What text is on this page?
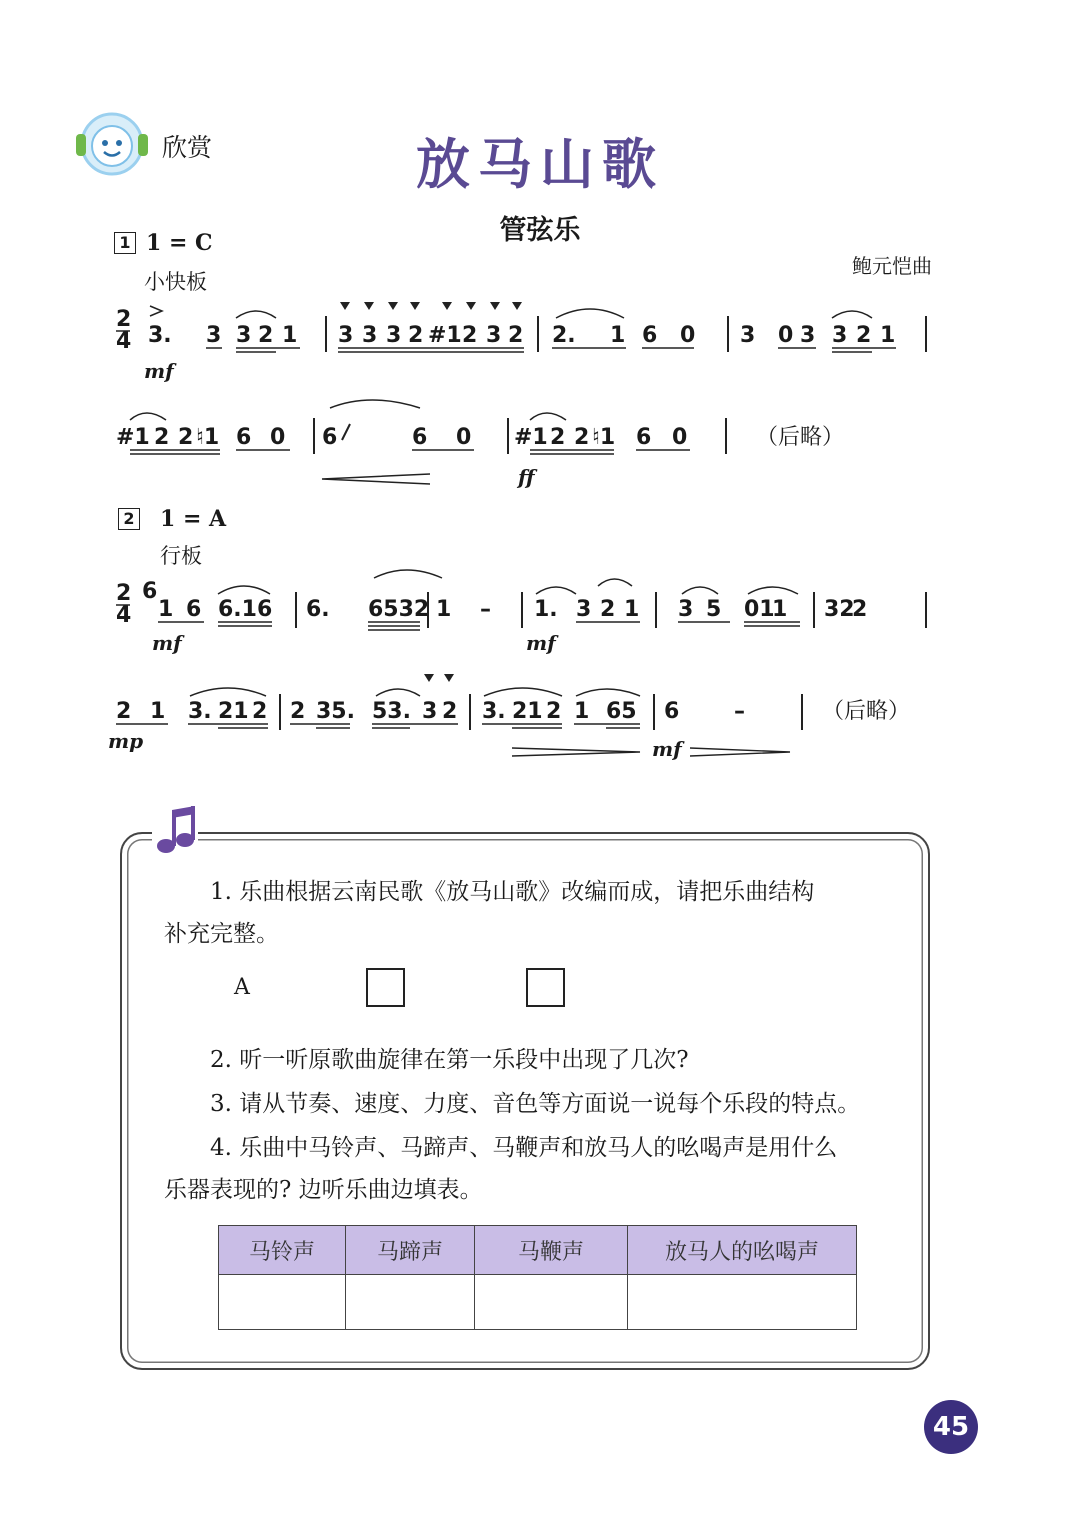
欣赏	放马山歌
管弦乐
鲍元恺曲
1 1 = C
小快板
2 1 = A
行板
2
4 3. 3 3 2 1 3 3 3 2 #1 2 3 2 2. 1 6 0 3 0 3 3 2 1
mf
#1 2 2 ♮1 6 0 6	6 0 #1 2 2 ♮1 6 0	（后略）
ff
2
4
6
1 6 6.16 6. 6532 1 – 1. 3 2 1 3 5 01
1 32
2
mf	mf
2 1 3. 21 2 2 35. 53. 3 2 3. 21 2 1 65 6 –	（后略）
mp	mf
1. 乐曲根据云南民歌《放马山歌》改编而成，请把乐曲结构
补充完整。
A
2. 听一听原歌曲旋律在第一乐段中出现了几次?
3. 请从节奏、速度、力度、音色等方面说一说每个乐段的特点。
4. 乐曲中马铃声、马蹄声、马鞭声和放马人的吆喝声是用什么
乐器表现的? 边听乐曲边填表。
马铃声	马蹄声	马鞭声	放马人的吆喝声

45
